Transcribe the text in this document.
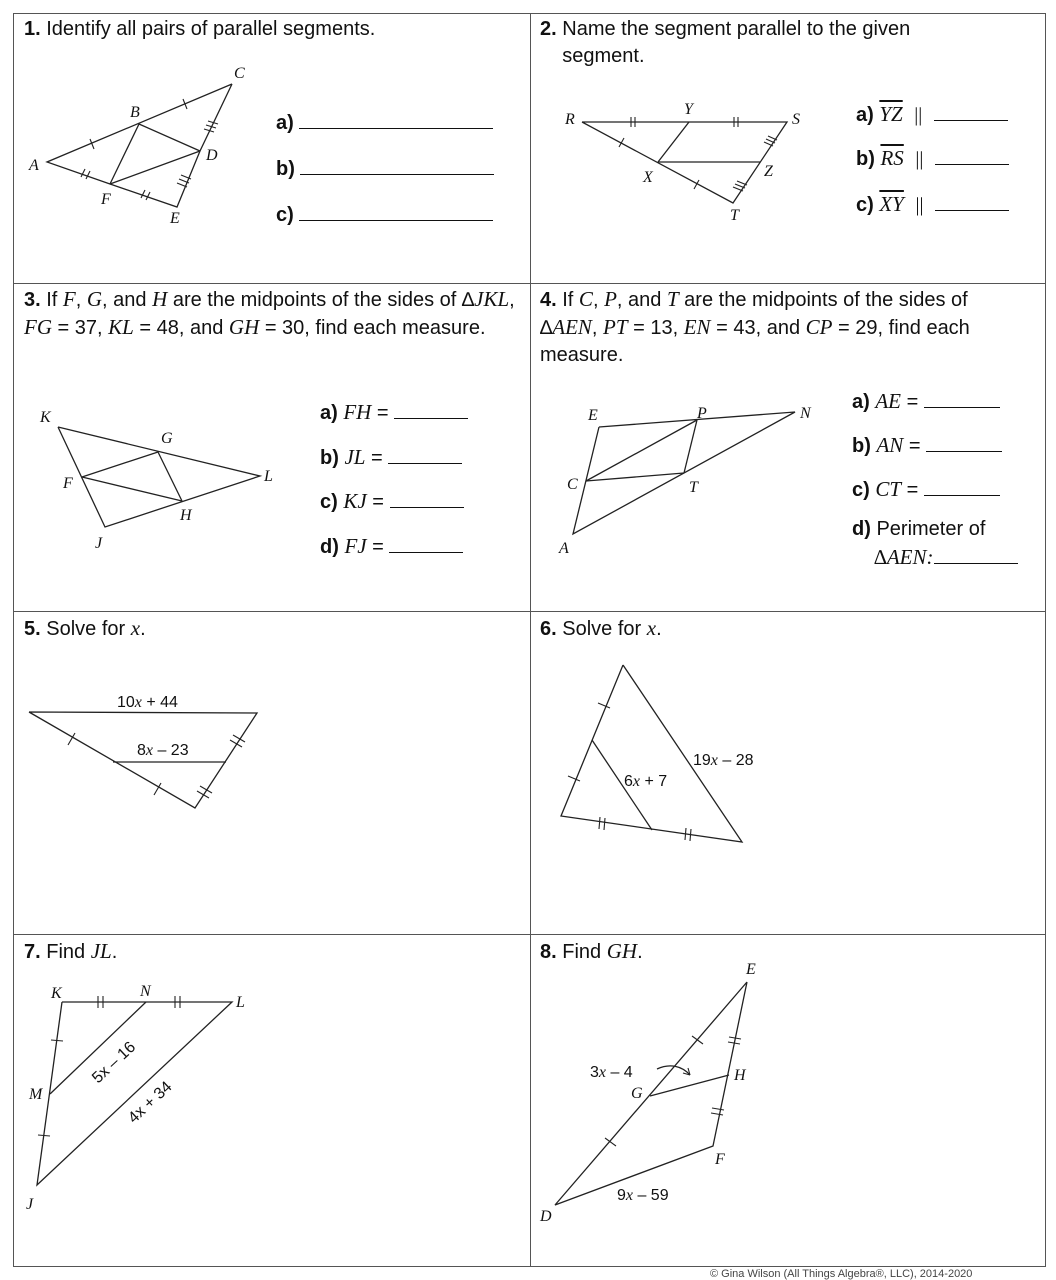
1. Identify all pairs of parallel segments.
C
B
D
A
F
E
a)
b)
c)
2. Name the segment parallel to the given segment.
R
Y
S
X	Z
T
a) $\overline{YZ}$ ||
b) $\overline{RS}$ ||
c) $\overline{XY}$ ||
3. If F, G, and H are the midpoints of the sides of ∆JKL, FG = 37, KL = 48, and GH = 30, find each measure.
K
G
L
F
H
J
a) FH =
b) JL =
c) KJ =
d) FJ =
4. If C, P, and T are the midpoints of the sides of ∆AEN, PT = 13, EN = 43, and CP = 29, find each measure.
E	P	N
C	T
A
a) AE =
b) AN =
c) CT =
d) Perimeter of
∆AEN:
5. Solve for x.
10x + 44
8x – 23
6. Solve for x.
19x – 28
6x + 7
7. Find JL.
K	N
L
M
J
5x – 16
4x + 34
8. Find GH.
E
H
G
F
D
3x – 4
9x – 59
© Gina Wilson (All Things Algebra®, LLC), 2014-2020
